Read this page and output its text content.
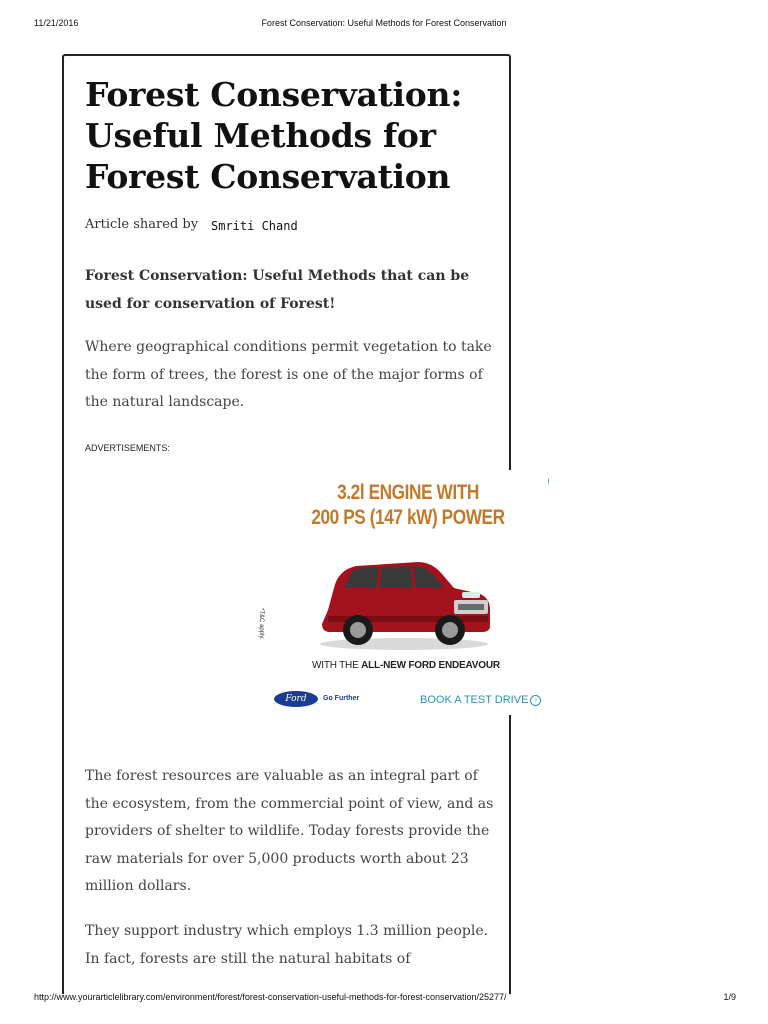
11/21/2016	Forest Conservation: Useful Methods for Forest Conservation
Forest Conservation: Useful Methods for Forest Conservation
Article shared by Smriti Chand

Forest Conservation: Useful Methods that can be used for conservation of Forest!

Where geographical conditions permit vegetation to take the form of trees, the forest is one of the major forms of the natural landscape.

ADVERTISEMENTS:
3.2l ENGINE WITH
200 PS (147 kW) POWER
*T&C apply.
WITH THE ALL-NEW FORD ENDEAVOUR
Ford	Go Further	BOOK A TEST DRIVE ›

The forest resources are valuable as an integral part of the ecosystem, from the commercial point of view, and as providers of shelter to wildlife. Today forests provide the raw materials for over 5,000 products worth about 23 million dollars.

They support industry which employs 1.3 million people. In fact, forests are still the natural habitats of

http://www.yourarticlelibrary.com/environment/forest/forest-conservation-useful-methods-for-forest-conservation/25277/	1/9
